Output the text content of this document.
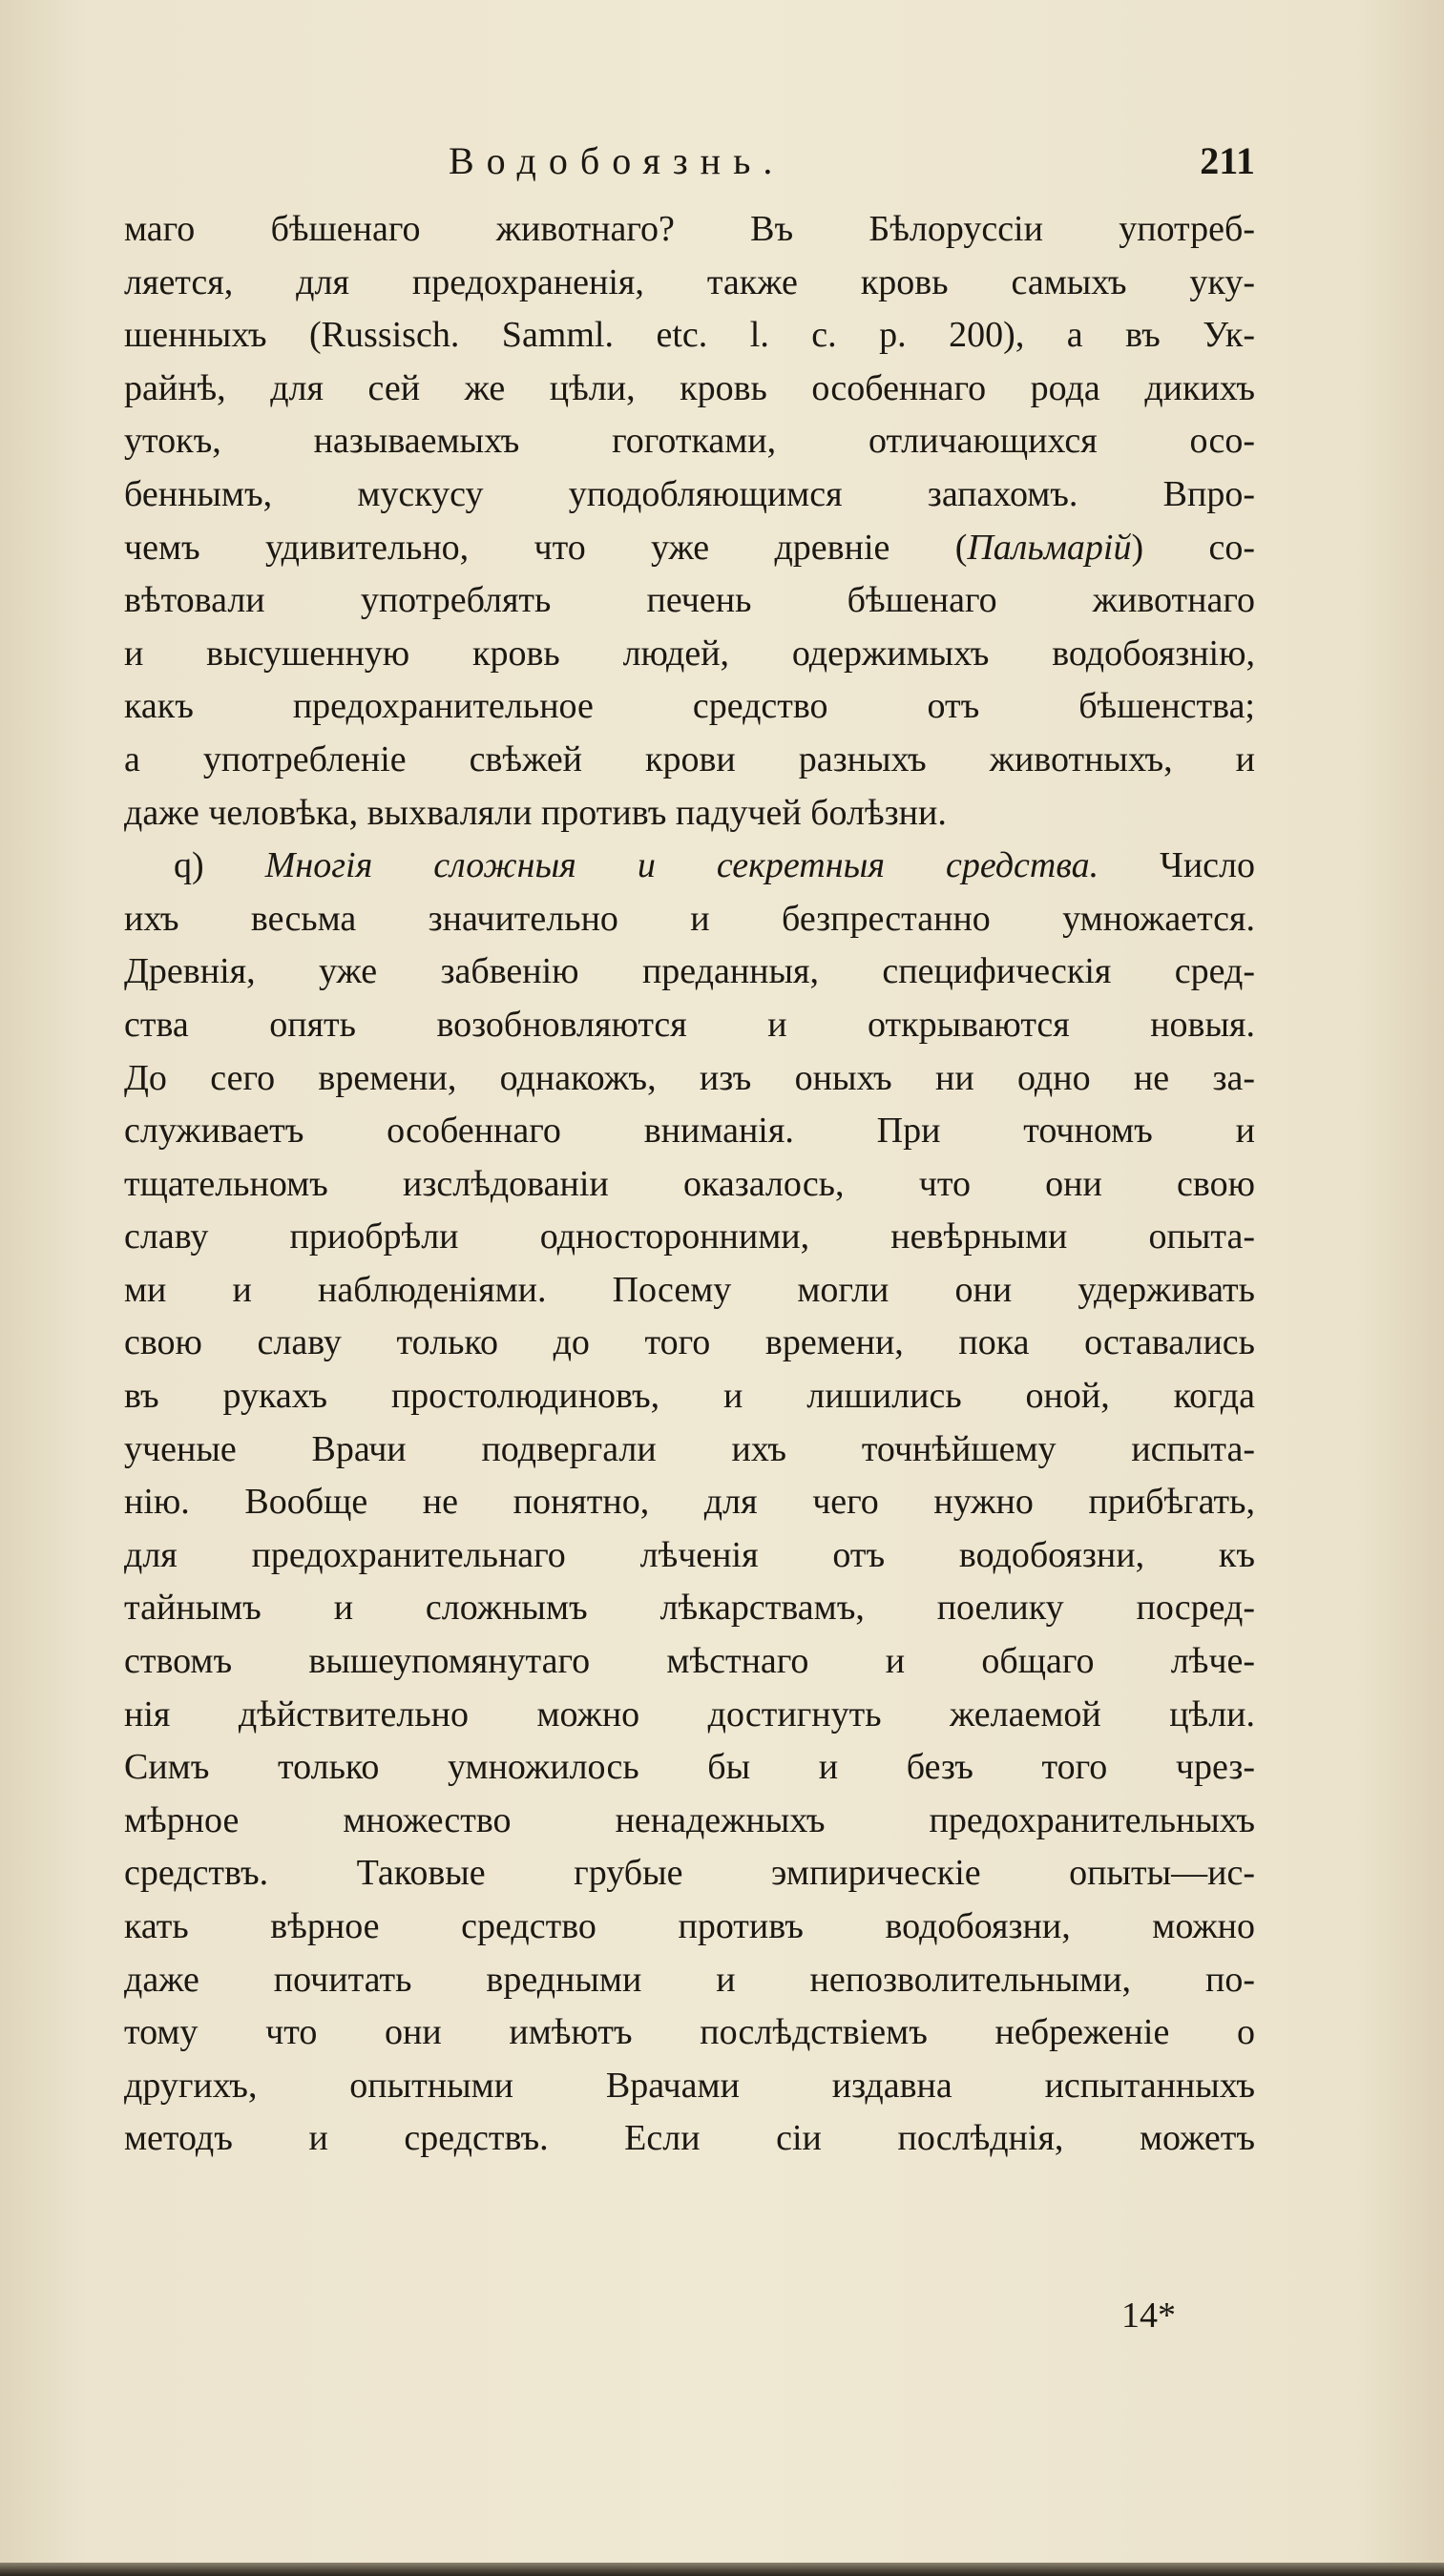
Водобоязнь.	211
маго бѣшенаго животнаго? Въ Бѣлоруссіи употреб-
ляется, для предохраненія, также кровь самыхъ уку-
шенныхъ (Russisch. Samml. etc. l. c. p. 200), а въ Ук-
райнѣ, для сей же цѣли, кровь особеннаго рода дикихъ
утокъ, называемыхъ гоготками, отличающихся осо-
беннымъ, мускусу уподобляющимся запахомъ. Впро-
чемъ удивительно, что уже древніе (Пальмарій) со-
вѣтовали употреблять печень бѣшенаго животнаго
и высушенную кровь людей, одержимыхъ водобоязнію,
какъ предохранительное средство отъ бѣшенства;
а употребленіе свѣжей крови разныхъ животныхъ, и
даже человѣка, выхваляли противъ падучей болѣзни.
q) Многія сложныя и секретныя средства. Число
ихъ весьма значительно и безпрестанно умножается.
Древнія, уже забвенію преданныя, специфическія сред-
ства опять возобновляются и открываются новыя.
До сего времени, однакожъ, изъ оныхъ ни одно не за-
служиваетъ особеннаго вниманія. При точномъ и
тщательномъ изслѣдованіи оказалось, что они свою
славу приобрѣли односторонними, невѣрными опыта-
ми и наблюденіями. Посему могли они удерживать
свою славу только до того времени, пока оставались
въ рукахъ простолюдиновъ, и лишились оной, когда
ученые Врачи подвергали ихъ точнѣйшему испыта-
нію. Вообще не понятно, для чего нужно прибѣгать,
для предохранительнаго лѣченія отъ водобоязни, къ
тайнымъ и сложнымъ лѣкарствамъ, поелику посред-
ствомъ вышеупомянутаго мѣстнаго и общаго лѣче-
нія дѣйствительно можно достигнуть желаемой цѣли.
Симъ только умножилось бы и безъ того чрез-
мѣрное множество ненадежныхъ предохранительныхъ
средствъ. Таковые грубые эмпирическіе опыты—ис-
кать вѣрное средство противъ водобоязни, можно
даже почитать вредными и непозволительными, по-
тому что они имѣютъ послѣдствіемъ небреженіе о
другихъ, опытными Врачами издавна испытанныхъ
методъ и средствъ. Если сіи послѣднія, можетъ
14*
